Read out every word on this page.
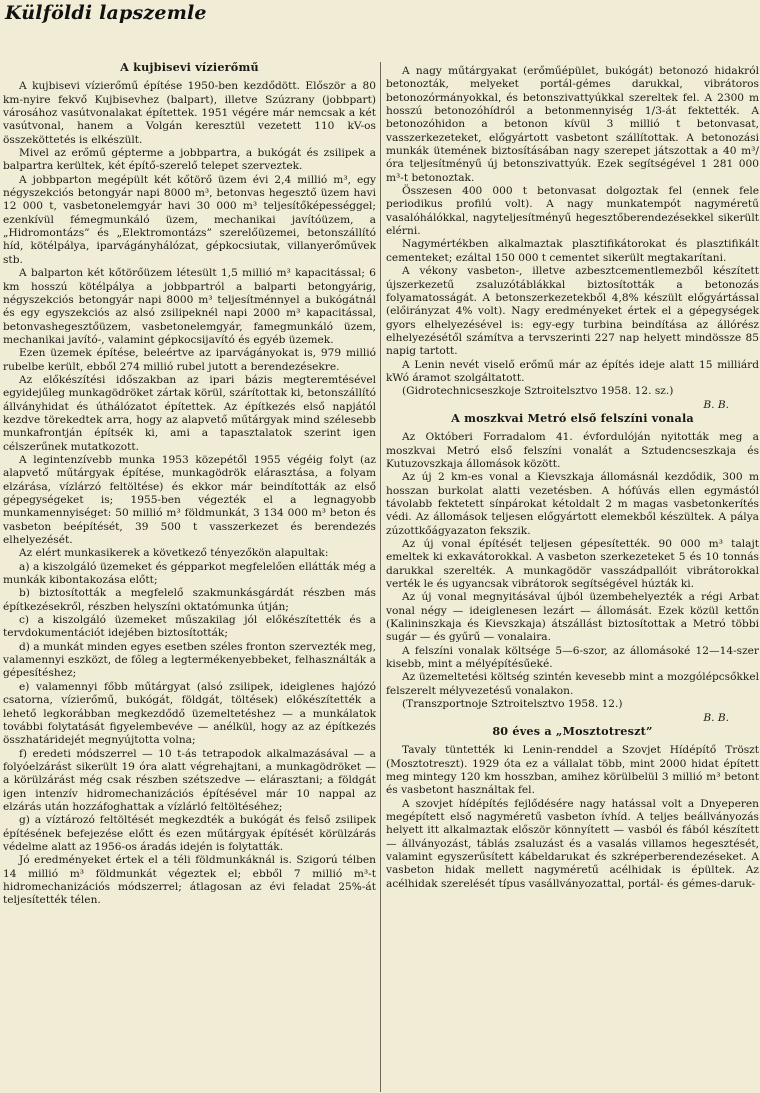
Külföldi lapszemle
A kujbisevi vízierőmű

A kujbisevi vízierőmű építése 1950-ben kezdődött. Először a 80 km-nyire fekvő Kujbisevhez (balpart), illetve Szúzrany (jobbpart) városához vasútvonalakat építettek. 1951 végére már nemcsak a két vasútvonal, hanem a Volgán keresztül vezetett 110 kV-os összeköttetés is elkészült.

Mivel az erőmű gépterme a jobbpartra, a bukógát és zsilipek a balpartra kerültek, két építő-szerelő telepet szerveztek.

A jobbparton megépült két kőtörő üzem évi 2,4 millió m³, egy négyszekciós betongyár napi 8000 m³, betonvas hegesztő üzem havi 12 000 t, vasbetonelemgyár havi 30 000 m³ teljesítőképességgel; ezenkívül fémegmunkáló üzem, mechanikai javítóüzem, a „Hidromontázs” és „Elektromontázs” szerelőüzemei, betonszállító híd, kötélpálya, iparvágányhálózat, gépkocsiutak, villanyerőművek stb.

A balparton két kőtörőüzem létesült 1,5 millió m³ kapacitással; 6 km hosszú kötélpálya a jobbpartról a balparti betongyárig, négyszekciós betongyár napi 8000 m³ teljesítménnyel a bukógátnál és egy egyszekciós az alsó zsilipeknél napi 2000 m³ kapacitással, betonvashegesztőüzem, vasbetonelemgyár, famegmunkáló üzem, mechanikai javító-, valamint gépkocsijavító és egyéb üzemek.

Ezen üzemek építése, beleértve az iparvágányokat is, 979 millió rubelbe került, ebből 274 millió rubel jutott a berendezésekre.

Az előkészítési időszakban az ipari bázis megteremtésével egyidejűleg munkagödröket zártak körül, szárítottak ki, betonszállító állványhidat és úthálózatot építettek. Az építkezés első napjától kezdve törekedtek arra, hogy az alapvető műtárgyak mind szélesebb munkafrontján építsék ki, ami a tapasztalatok szerint igen célszerűnek mutatkozott.

A legintenzívebb munka 1953 közepétől 1955 végéig folyt (az alapvető műtárgyak építése, munkagödrök elárasztása, a folyam elzárása, vízlárzó feltöltése) és ekkor már beindították az első gépegységeket is; 1955-ben végezték el a legnagyobb munkamennyiséget: 50 millió m³ földmunkát, 3 134 000 m³ beton és vasbeton beépítését, 39 500 t vasszerkezet és berendezés elhelyezését.

Az elért munkasikerek a következő tényezőkön alapultak:

a) a kiszolgáló üzemeket és gépparkot megfelelően ellátták még a munkák kibontakozása előtt;

b) biztosították a megfelelő szakmunkásgárdát részben más építkezésekről, részben helyszíni oktatómunka útján;

c) a kiszolgáló üzemeket műszakilag jól előkészítették és a tervdokumentációt idejében biztosították;

d) a munkát minden egyes esetben széles fronton szervezték meg, valamennyi eszközt, de főleg a legtermékenyebbeket, felhasználták a gépesítéshez;

e) valamennyi főbb műtárgyat (alsó zsilipek, ideiglenes hajózó csatorna, vízierőmű, bukógát, földgát, töltések) előkészítették a lehető legkorábban megkezdődő üzemeltetéshez — a munkálatok további folytatását figyelembevéve — anélkül, hogy az az építkezés összhatáridejét megnyújtotta volna;

f) eredeti módszerrel — 10 t-ás tetrapodok alkalmazásával — a folyóelzárást sikerült 19 óra alatt végrehajtani, a munkagödröket — a körülzárást még csak részben szétszedve — elárasztani; a földgát igen intenzív hidromechanizációs építésével már 10 nappal az elzárás után hozzáfoghattak a vízlárló feltöltéséhez;

g) a víztározó feltöltését megkezdték a bukógát és felső zsilipek építésének befejezése előtt és ezen műtárgyak építését körülzárás védelme alatt az 1956-os áradás idején is folytatták.

Jó eredményeket értek el a téli földmunkáknál is. Szigorú télben 14 millió m³ földmunkát végeztek el; ebből 7 millió m³-t hidromechanizációs módszerrel; átlagosan az évi feladat 25%-át teljesítették télen.

A nagy műtárgyakat (erőműépület, bukógát) betonozó hidakról betonozták, melyeket portál-gémes darukkal, vibrátoros betonozórmányokkal, és betonszivattyúkkal szereltek fel. A 2300 m hosszú betonozóhídról a betonmennyiség 1/3-át fektették. A betonozóhidon a betonon kívül 3 millió t betonvasat, vasszerkezeteket, előgyártott vasbetont szállítottak. A betonozási munkák ütemének biztosításában nagy szerepet játszottak a 40 m³/óra teljesítményű új betonszivattyúk. Ezek segítségével 1 281 000 m³-t betonoztak.

Összesen 400 000 t betonvasat dolgoztak fel (ennek fele periodikus profilú volt). A nagy munkatempót nagyméretű vasalóhálókkal, nagyteljesítményű hegesztőberendezésekkel sikerült elérni.

Nagymértékben alkalmaztak plasztifikátorokat és plasztifikált cementeket; ezáltal 150 000 t cementet sikerült megtakarítani.

A vékony vasbeton-, illetve azbesztcementlemezből készített újszerkezetű zsaluzótáblákkal biztosították a betonozás folyamatosságát. A betonszerkezetekből 4,8% készült előgyártással (előirányzat 4% volt). Nagy eredményeket értek el a gépegységek gyors elhelyezésével is: egy-egy turbina beindítása az állórész elhelyezésétől számítva a tervszerinti 227 nap helyett mindössze 85 napig tartott.

A Lenin nevét viselő erőmű már az építés ideje alatt 15 milliárd kWó áramot szolgáltatott.

(Gidrotechnicseszkoje Sztroitelsztvo 1958. 12. sz.)

B. B.

A moszkvai Metró első felszíni vonala

Az Októberi Forradalom 41. évfordulóján nyitották meg a moszkvai Metró első felszíni vonalát a Sztudencseszkaja és Kutuzovszkaja állomások között.

Az új 2 km-es vonal a Kievszkaja állomásnál kezdődik, 300 m hosszan burkolat alatti vezetésben. A hófúvás ellen egymástól távolabb fektetett sínpárokat kétoldalt 2 m magas vasbetonkerítés védi. Az állomások teljesen előgyártott elemekből készültek. A pálya zúzottkőágyazaton fekszik.

Az új vonal építését teljesen gépesítették. 90 000 m³ talajt emeltek ki exkavátorokkal. A vasbeton szerkezeteket 5 és 10 tonnás darukkal szerelték. A munkagödör vasszádpallóit vibrátorokkal verték le és ugyancsak vibrátorok segítségével húzták ki.

Az új vonal megnyitásával újból üzembehelyezték a régi Arbat vonal négy — ideiglenesen lezárt — állomását. Ezek közül kettőn (Kalininszkaja és Kievszkaja) átszállást biztosítottak a Metró többi sugár — és gyűrű — vonalaira.

A felszíni vonalak költsége 5—6-szor, az állomásoké 12—14-szer kisebb, mint a mélyépítésűeké.

Az üzemeltetési költség szintén kevesebb mint a mozgólépcsőkkel felszerelt mélyvezetésű vonalakon.

(Transzportnoje Sztroitelsztvo 1958. 12.)

B. B.

80 éves a „Mosztotreszt”

Tavaly tüntették ki Lenin-renddel a Szovjet Hídépítő Tröszt (Mosztotreszt). 1929 óta ez a vállalat több, mint 2000 hidat épített meg mintegy 120 km hosszban, amihez körülbelül 3 millió m³ betont és vasbetont használtak fel.

A szovjet hídépítés fejlődésére nagy hatással volt a Dnyeperen megépített első nagyméretű vasbeton ívhíd. A teljes beállványozás helyett itt alkalmaztak először könnyített — vasból és fából készített — állványozást, táblás zsaluzást és a vasalás villamos hegesztését, valamint egyszerűsített kábeldarukat és szkréperberendezéseket. A vasbeton hidak mellett nagyméretű acélhidak is épültek. Az acélhidak szerelését típus vasállványozattal, portál- és gémes-daruk-
